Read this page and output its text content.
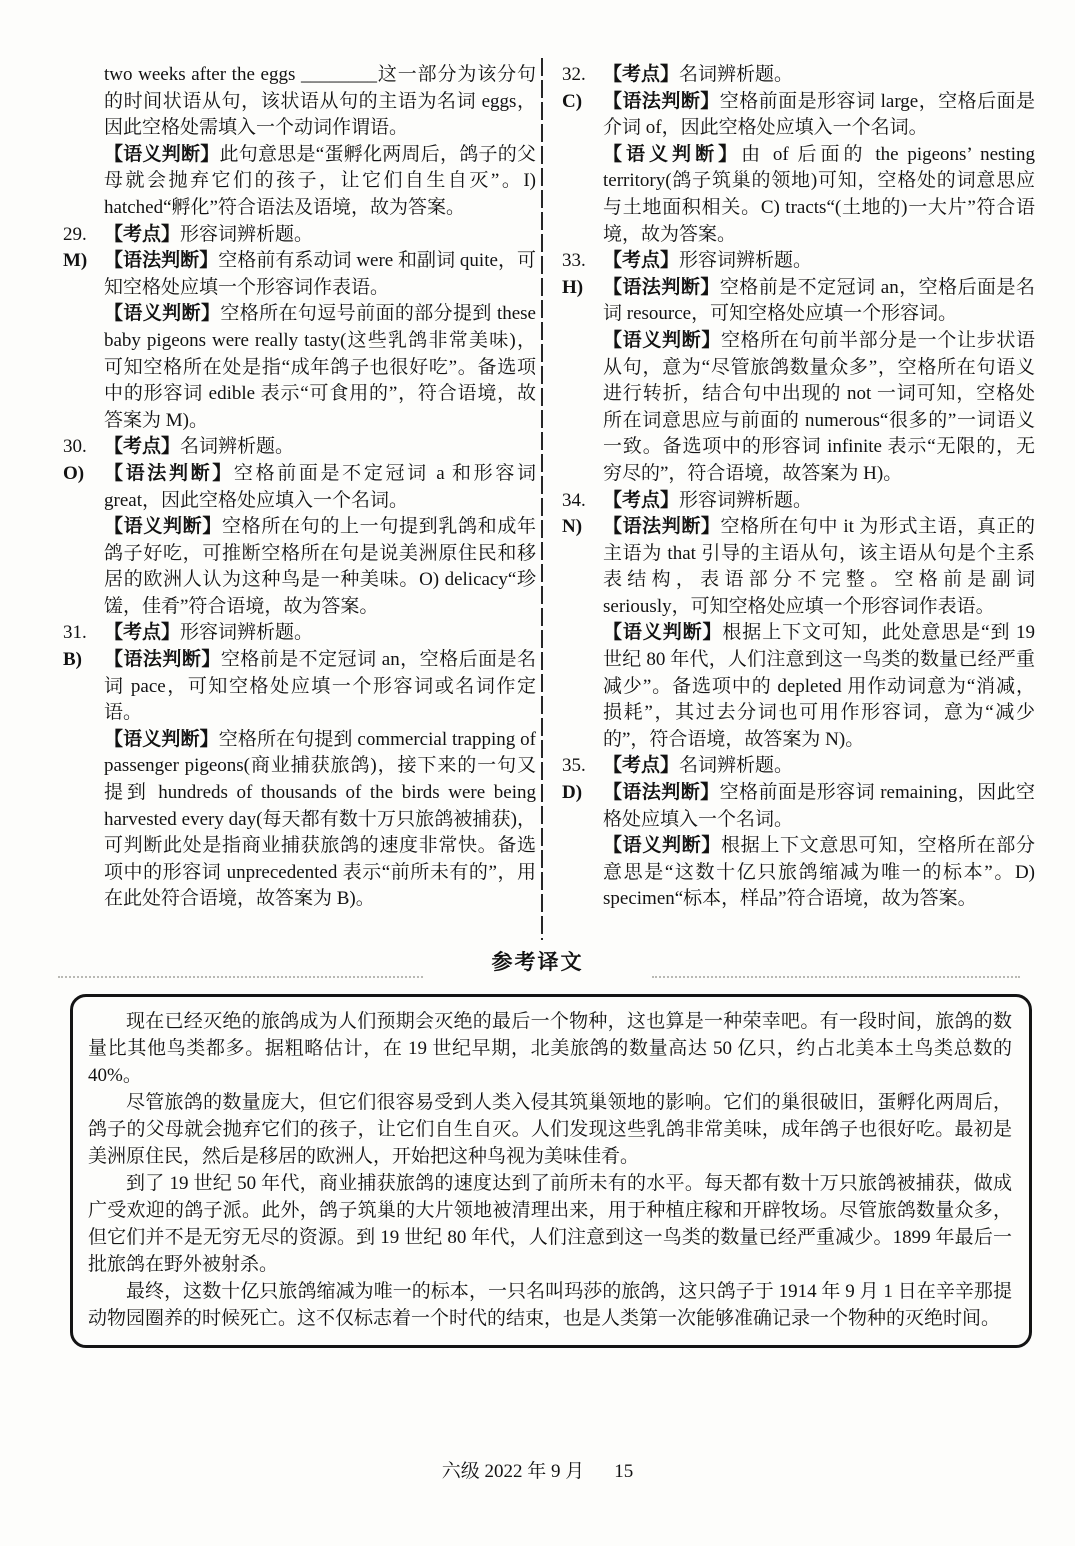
two weeks after the eggs ________这一部分为该分句的时间状语从句，该状语从句的主语为名词 eggs，因此空格处需填入一个动词作谓语。

【语义判断】此句意思是“蛋孵化两周后，鸽子的父母就会抛弃它们的孩子，让它们自生自灭”。I) hatched“孵化”符合语法及语境，故为答案。

29. 【考点】形容词辨析题。

M) 【语法判断】空格前有系动词 were 和副词 quite，可知空格处应填一个形容词作表语。

【语义判断】空格所在句逗号前面的部分提到 these baby pigeons were really tasty(这些乳鸽非常美味)，可知空格所在处是指“成年鸽子也很好吃”。备选项中的形容词 edible 表示“可食用的”，符合语境，故答案为 M)。

30. 【考点】名词辨析题。

O)	【语法判断】空格前面是不定冠词 a 和形容词 great，因此空格处应填入一个名词。

【语义判断】空格所在句的上一句提到乳鸽和成年鸽子好吃，可推断空格所在句是说美洲原住民和移居的欧洲人认为这种鸟是一种美味。O) delicacy“珍馐，佳肴”符合语境，故为答案。

31. 【考点】形容词辨析题。

B)	【语法判断】空格前是不定冠词 an，空格后面是名词 pace，可知空格处应填一个形容词或名词作定语。

【语义判断】空格所在句提到 commercial trapping of passenger pigeons(商业捕获旅鸽)，接下来的一句又提到 hundreds of thousands of the birds were being harvested every day(每天都有数十万只旅鸽被捕获)，可判断此处是指商业捕获旅鸽的速度非常快。备选项中的形容词 unprecedented 表示“前所未有的”，用在此处符合语境，故答案为 B)。

32. 【考点】名词辨析题。

C)	【语法判断】空格前面是形容词 large，空格后面是介词 of，因此空格处应填入一个名词。

【语义判断】由 of 后面的 the pigeons’ nesting territory(鸽子筑巢的领地)可知，空格处的词意思应与土地面积相关。C) tracts“(土地的)一大片”符合语境，故为答案。

33. 【考点】形容词辨析题。

H)	【语法判断】空格前是不定冠词 an，空格后面是名词 resource，可知空格处应填一个形容词。

【语义判断】空格所在句前半部分是一个让步状语从句，意为“尽管旅鸽数量众多”，空格所在句语义进行转折，结合句中出现的 not 一词可知，空格处所在词意思应与前面的 numerous“很多的”一词语义一致。备选项中的形容词 infinite 表示“无限的，无穷尽的”，符合语境，故答案为 H)。

34. 【考点】形容词辨析题。

N)	【语法判断】空格所在句中 it 为形式主语，真正的主语为 that 引导的主语从句，该主语从句是个主系表结构，表语部分不完整。空格前是副词 seriously，可知空格处应填一个形容词作表语。

【语义判断】根据上下文可知，此处意思是“到 19 世纪 80 年代，人们注意到这一鸟类的数量已经严重减少”。备选项中的 depleted 用作动词意为“消减，损耗”，其过去分词也可用作形容词，意为“减少的”，符合语境，故答案为 N)。

35. 【考点】名词辨析题。

D)	【语法判断】空格前面是形容词 remaining，因此空格处应填入一个名词。

【语义判断】根据上下文意思可知，空格所在部分意思是“这数十亿只旅鸽缩减为唯一的标本”。D) specimen“标本，样品”符合语境，故为答案。

参考译文

现在已经灭绝的旅鸽成为人们预期会灭绝的最后一个物种，这也算是一种荣幸吧。有一段时间，旅鸽的数量比其他鸟类都多。据粗略估计，在 19 世纪早期，北美旅鸽的数量高达 50 亿只，约占北美本土鸟类总数的 40%。

尽管旅鸽的数量庞大，但它们很容易受到人类入侵其筑巢领地的影响。它们的巢很破旧，蛋孵化两周后，鸽子的父母就会抛弃它们的孩子，让它们自生自灭。人们发现这些乳鸽非常美味，成年鸽子也很好吃。最初是美洲原住民，然后是移居的欧洲人，开始把这种鸟视为美味佳肴。

到了 19 世纪 50 年代，商业捕获旅鸽的速度达到了前所未有的水平。每天都有数十万只旅鸽被捕获，做成广受欢迎的鸽子派。此外，鸽子筑巢的大片领地被清理出来，用于种植庄稼和开辟牧场。尽管旅鸽数量众多，但它们并不是无穷无尽的资源。到 19 世纪 80 年代，人们注意到这一鸟类的数量已经严重减少。1899 年最后一批旅鸽在野外被射杀。

最终，这数十亿只旅鸽缩减为唯一的标本，一只名叫玛莎的旅鸽，这只鸽子于 1914 年 9 月 1 日在辛辛那提动物园圈养的时候死亡。这不仅标志着一个时代的结束，也是人类第一次能够准确记录一个物种的灭绝时间。

六级 2022 年 9 月 15
